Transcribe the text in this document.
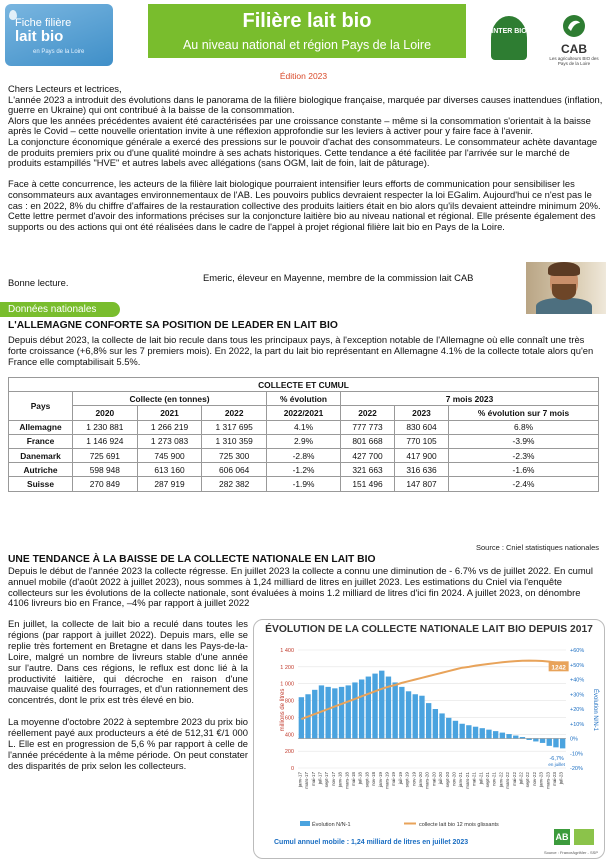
Fiche filière
lait bio
en Pays de la Loire
Filière lait bio
Au niveau national et région Pays de la Loire
INTER BIO
CAB
Les agriculteurs BIO des Pays de la Loire
Édition 2023

Chers Lecteurs et lectrices,

L'année 2023 a introduit des évolutions dans le panorama de la filière biologique française, marquée par diverses causes inattendues (inflation, guerre en Ukraine) qui ont contribué à la baisse de la consommation.

Alors que les années précédentes avaient été caractérisées par une croissance constante – même si la consommation s'orientait à la baisse après le Covid – cette nouvelle orientation invite à une réflexion approfondie sur les leviers à activer pour y faire face à l'avenir.

La conjoncture économique générale a exercé des pressions sur le pouvoir d'achat des consommateurs. Le consommateur achète davantage de produits premiers prix ou d'une qualité moindre à ses achats historiques. Cette tendance a été facilitée par l'arrivée sur le marché de produits estampillés "HVE" et autres labels avec allégations (sans OGM, lait de foin, lait de pâturage).

Face à cette concurrence, les acteurs de la filière lait biologique pourraient intensifier leurs efforts de communication pour sensibiliser les consommateurs aux avantages environnementaux de l'AB. Les pouvoirs publics devraient respecter la loi EGalim. Aujourd'hui ce n'est pas le cas : en 2022, 8% du chiffre d'affaires de la restauration collective des produits laitiers était en bio alors qu'ils devaient atteindre minimum 20%.

Cette lettre permet d'avoir des informations précises sur la conjoncture laitière bio au niveau national et régional. Elle présente également des supports ou des actions qui ont été réalisées dans le cadre de l'appel à projet régional filière lait bio en Pays de la Loire.

Bonne lecture.	Emeric, éleveur en Mayenne, membre de la commission lait CAB
Données nationales
L'ALLEMAGNE CONFORTE SA POSITION DE LEADER EN LAIT BIO
Depuis début 2023, la collecte de lait bio recule dans tous les principaux pays, à l'exception notable de l'Allemagne où elle connaît une très forte croissance (+6,8% sur les 7 premiers mois). En 2022, la part du lait bio représentant en Allemagne 4.1% de la collecte totale alors qu'en France elle comptabilisait 5.5%.
COLLECTE ET CUMUL							
Pays	Collecte (en tonnes)			% évolution	7 mois 2023		
	2020	2021	2022	2022/2021	2022	2023	% évolution sur 7 mois
Allemagne	1 230 881	1 266 219	1 317 695	4.1%	777 773	830 604	6.8%
France	1 146 924	1 273 083	1 310 359	2.9%	801 668	770 105	-3.9%
Danemark	725 691	745 900	725 300	-2.8%	427 700	417 900	-2.3%
Autriche	598 948	613 160	606 064	-1.2%	321 663	316 636	-1.6%
Suisse	270 849	287 919	282 382	-1.9%	151 496	147 807	-2.4%
Source : Cniel statistiques nationales
UNE TENDANCE À LA BAISSE DE LA COLLECTE NATIONALE EN LAIT BIO
Depuis le début de l'année 2023 la collecte régresse. En juillet 2023 la collecte a connu une diminution de - 6.7% vs de juillet 2022. En cumul annuel mobile (d'août 2022 à juillet 2023), nous sommes à 1,24 milliard de litres en juillet 2023. Les estimations du Cniel via l'enquête collecteurs sur les évolutions de la collecte nationale, sont évaluées à moins 1.2 milliard de litres d'ici fin 2024. A juillet 2023, on dénombre 4106 livreurs bio en France, –4% par rapport à juillet 2022

En juillet, la collecte de lait bio a reculé dans toutes les régions (par rapport à juillet 2022). Depuis mars, elle se replie très fortement en Bretagne et dans les Pays-de-la-Loire, malgré un nombre de livreurs stable d'une année sur l'autre. Dans ces régions, le reflux est donc lié à la productivité laitière, qui décroche en raison d'une mauvaise qualité des fourrages, et d'un rationnement des concentrés, dont le prix est très élevé en bio.

La moyenne d'octobre 2022 à septembre 2023 du prix bio réellement payé aux producteurs a été de 512,31 €/1 000 L. Elle est en progression de 5,6 % par rapport à celle de l'année précédente à la même période. On peut constater des disparités de prix selon les collecteurs.

ÉVOLUTION DE LA COLLECTE NATIONALE LAIT BIO DEPUIS 2017
0
200
400
600
800
1 000
1 200
1 400
-20%
-10%
0%
+10%
+20%
+30%
+40%
+50%
+60%
millions de litres	Évolution N/N-1
janv-17 mars-17 mai-17 juil-17 sept-17 nov-17 janv-18 mars-18 mai-18 juil-18 sept-18 nov-18 janv-19 mars-19 mai-19 juil-19 sept-19 nov-19 janv-20 mars-20 mai-20 juil-20 sept-20 nov-20 janv-21 mars-21 mai-21 juil-21 sept-21 nov-21 janv-22 mars-22 mai-22 juil-22 sept-22 nov-22 janv-23 mars-23 mai-23 juil-23
1242
-6,7%
en juillet
Évolution N/N-1	collecte lait bio 12 mois glissants
Cumul annuel mobile : 1,24 milliard de litres en juillet 2023
Source : FranceAgriMer - SSP
AB
